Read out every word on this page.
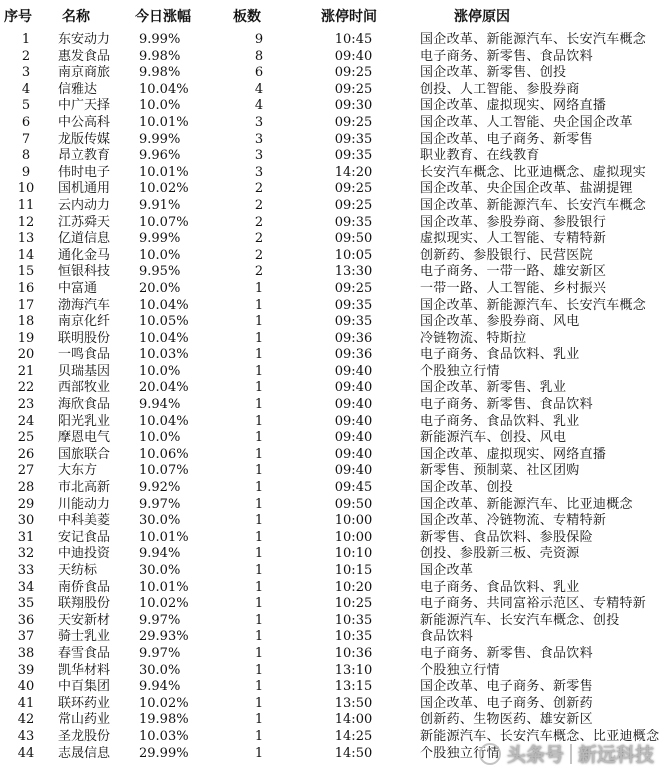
序号	名称	今日涨幅	板数	涨停时间	涨停原因
1	东安动力	9.99%	9	10:45	国企改革、新能源汽车、长安汽车概念
2	惠发食品	9.98%	8	09:40	电子商务、新零售、食品饮料
3	南京商旅	9.98%	6	09:25	国企改革、新零售、创投
4	信雅达	10.04%	4	09:25	创投、人工智能、参股券商
5	中广天择	10.0%	4	09:30	国企改革、虚拟现实、网络直播
6	中公高科	10.01%	3	09:25	国企改革、人工智能、央企国企改革
7	龙版传媒	9.99%	3	09:35	国企改革、电子商务、新零售
8	昂立教育	9.96%	3	09:35	职业教育、在线教育
9	伟时电子	10.01%	3	14:20	长安汽车概念、比亚迪概念、虚拟现实
10	国机通用	10.02%	2	09:25	国企改革、央企国企改革、盐湖提锂
11	云内动力	9.91%	2	09:25	国企改革、新能源汽车、长安汽车概念
12	江苏舜天	10.07%	2	09:35	国企改革、参股券商、参股银行
13	亿道信息	9.99%	2	09:50	虚拟现实、人工智能、专精特新
14	通化金马	10.0%	2	10:05	创新药、参股银行、民营医院
15	恒银科技	9.95%	2	13:30	电子商务、一带一路、雄安新区
16	中富通	20.0%	1	09:25	一带一路、人工智能、乡村振兴
17	渤海汽车	10.04%	1	09:35	国企改革、新能源汽车、长安汽车概念
18	南京化纤	10.05%	1	09:35	国企改革、参股券商、风电
19	联明股份	10.04%	1	09:36	冷链物流、特斯拉
20	一鸣食品	10.03%	1	09:36	电子商务、食品饮料、乳业
21	贝瑞基因	10.0%	1	09:40	个股独立行情
22	西部牧业	20.04%	1	09:40	国企改革、新零售、乳业
23	海欣食品	9.94%	1	09:40	电子商务、新零售、食品饮料
24	阳光乳业	10.04%	1	09:40	电子商务、食品饮料、乳业
25	摩恩电气	10.0%	1	09:40	新能源汽车、创投、风电
26	国旅联合	10.06%	1	09:40	国企改革、虚拟现实、网络直播
27	大东方	10.07%	1	09:40	新零售、预制菜、社区团购
28	市北高新	9.92%	1	09:45	国企改革、创投
29	川能动力	9.97%	1	09:50	国企改革、新能源汽车、比亚迪概念
30	中科美菱	30.0%	1	10:00	国企改革、冷链物流、专精特新
31	安记食品	10.01%	1	10:00	新零售、食品饮料、参股保险
32	中迪投资	9.94%	1	10:10	创投、参股新三板、壳资源
33	天纺标	30.0%	1	10:15	国企改革
34	南侨食品	10.01%	1	10:20	电子商务、食品饮料、乳业
35	联翔股份	10.02%	1	10:25	电子商务、共同富裕示范区、专精特新
36	天安新材	9.97%	1	10:35	新能源汽车、长安汽车概念、创投
37	骑士乳业	29.93%	1	10:35	食品饮料
38	春雪食品	9.97%	1	10:36	电子商务、新零售、食品饮料
39	凯华材料	30.0%	1	13:10	个股独立行情
40	中百集团	9.94%	1	13:15	国企改革、电子商务、新零售
41	联环药业	10.02%	1	13:50	国企改革、电子商务、创新药
42	常山药业	19.98%	1	14:00	创新药、生物医药、雄安新区
43	圣龙股份	10.03%	1	14:25	新能源汽车、长安汽车概念、比亚迪概念
44	志晟信息	29.99%	1	14:50	个股独立行情 头条号 新远科技
